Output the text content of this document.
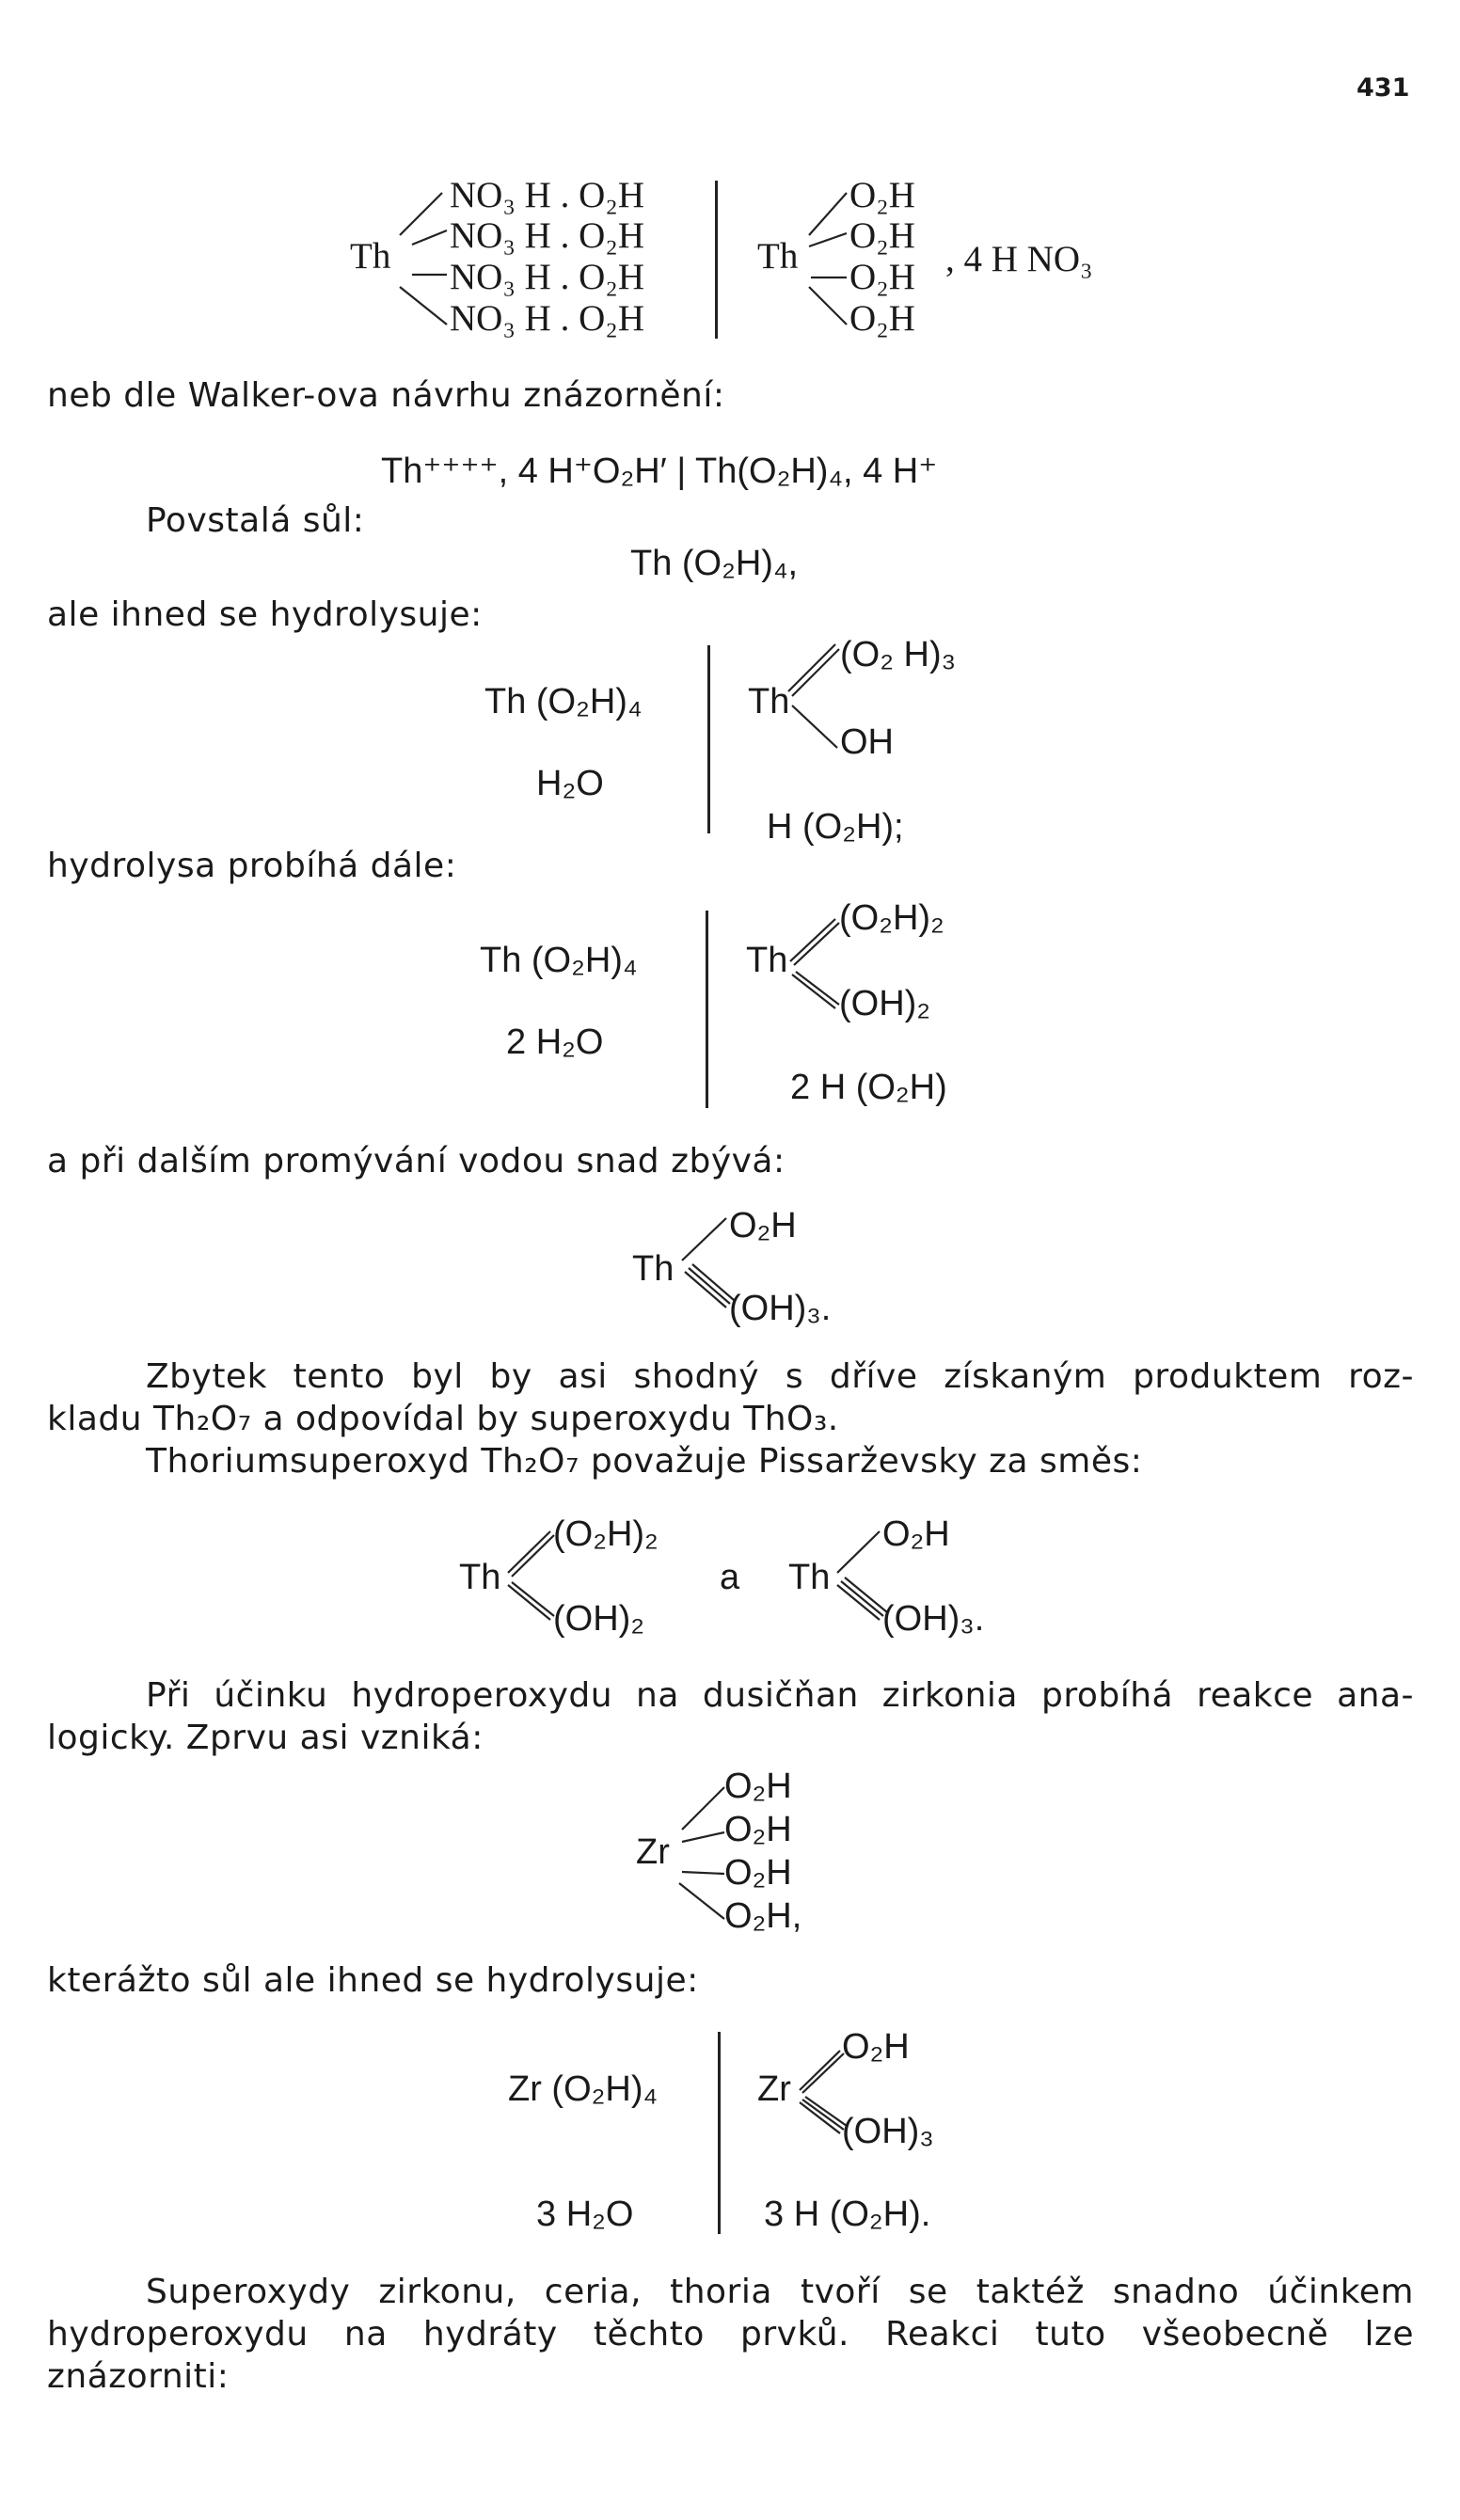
431
Th
NO₃ H . O₂H
NO₃ H . O₂H
NO₃ H . O₂H
NO₃ H . O₂H
Th
O₂H
O₂H
O₂H
O₂H
, 4 H NO₃
neb dle Walker-ova návrhu znázornění:
Th⁺⁺⁺⁺, 4 H⁺O₂H′ | Th(O₂H)₄, 4 H⁺
Povstalá sůl:
Th (O₂H)₄,
ale ihned se hydrolysuje:
Th (O₂H)₄
H₂O
Th
(O₂ H)₃
OH
H (O₂H);
hydrolysa probíhá dále:
Th (O₂H)₄
2 H₂O
Th
(O₂H)₂
(OH)₂
2 H (O₂H)
a při dalším promývání vodou snad zbývá:
Th
O₂H
(OH)₃.
Zbytek tento byl by asi shodný s dříve získaným produktem roz-
kladu Th₂O₇ a odpovídal by superoxydu ThO₃.
Thoriumsuperoxyd Th₂O₇ považuje Pissarževsky za směs:
Th
(O₂H)₂
(OH)₂
a Th
O₂H
(OH)₃.
Při účinku hydroperoxydu na dusičňan zirkonia probíhá reakce ana-
logicky. Zprvu asi vzniká:
Zr
O₂H
O₂H
O₂H
O₂H,
kterážto sůl ale ihned se hydrolysuje:
Zr (O₂H)₄
3 H₂O
Zr
O₂H
(OH)₃
3 H (O₂H).
Superoxydy zirkonu, ceria, thoria tvoří se taktéž snadno účinkem
hydroperoxydu na hydráty těchto prvků. Reakci tuto všeobecně lze
znázorniti:
